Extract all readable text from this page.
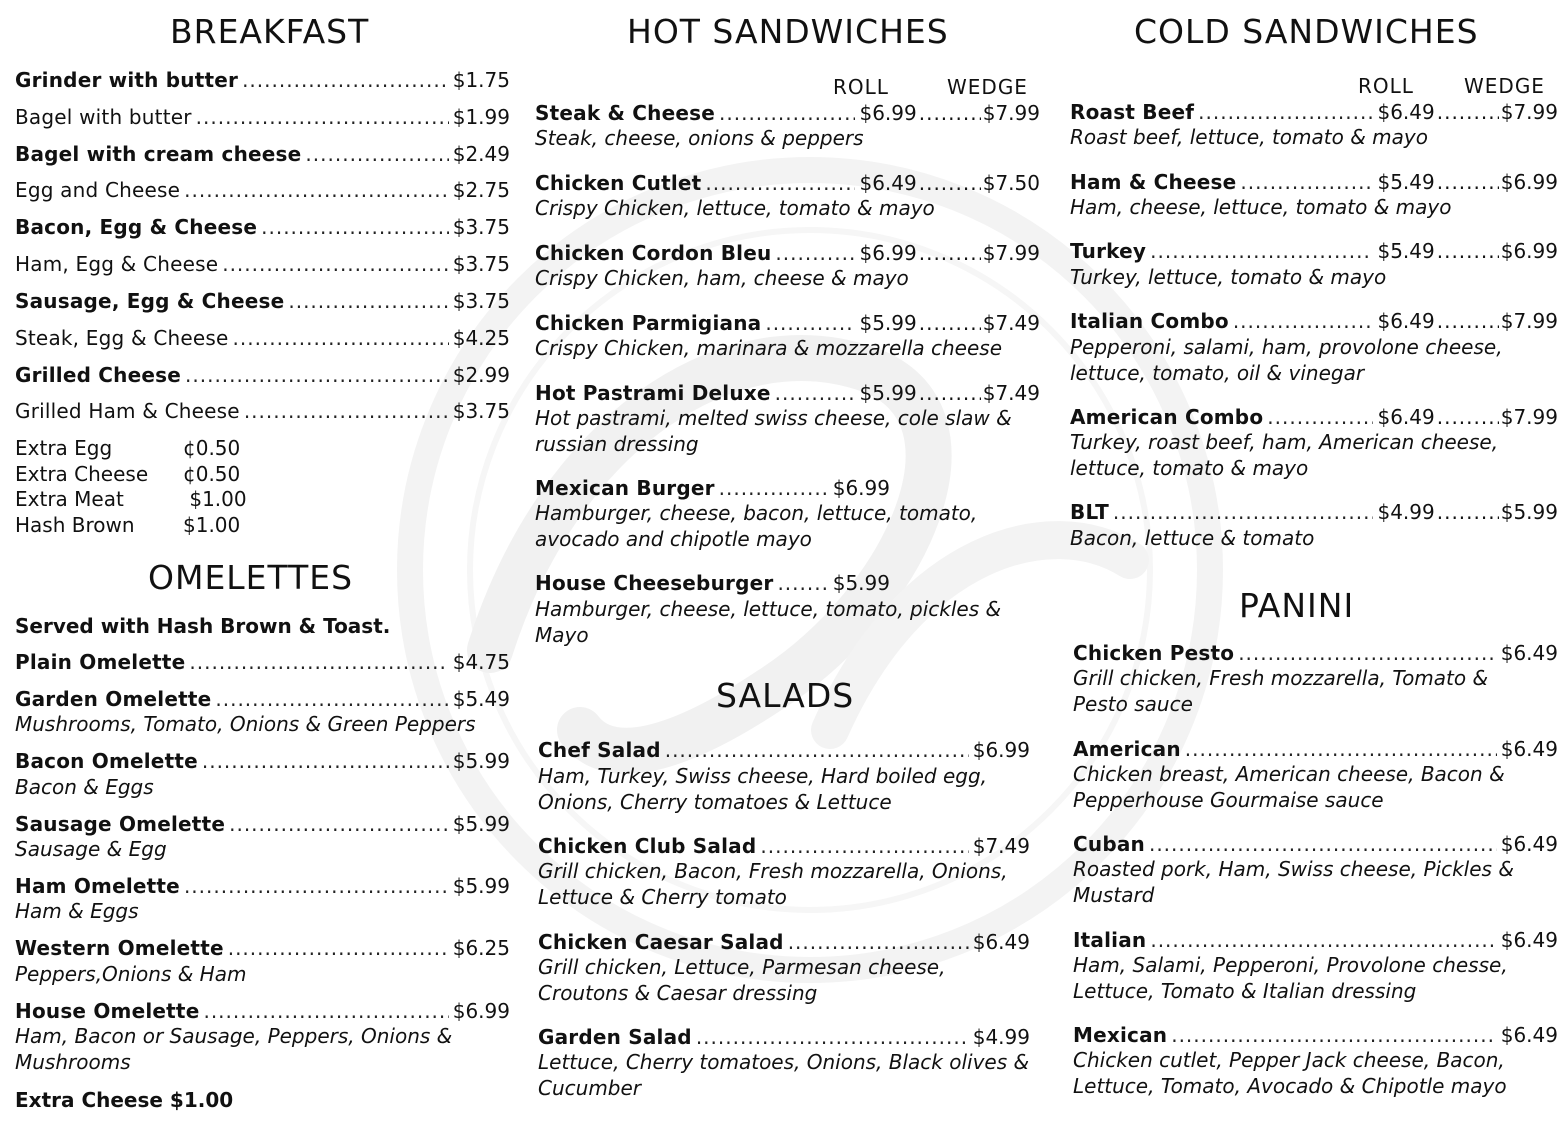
BREAKFAST
Grinder with butter .....	$1.75
Bagel with butter .....	$1.99
Bagel with cream cheese .....	$2.49
Egg and Cheese .....	$2.75
Bacon, Egg & Cheese .....	$3.75
Ham, Egg & Cheese .....	$3.75
Sausage, Egg & Cheese .....	$3.75
Steak, Egg & Cheese .....	$4.25
Grilled Cheese .....	$2.99
Grilled Ham & Cheese .....	$3.75
Extra Egg	¢0.50
Extra Cheese	¢0.50
Extra Meat	$1.00
Hash Brown	$1.00
OMELETTES
Served with Hash Brown & Toast.
Plain Omelette .....	$4.75
Garden Omelette .....	$5.49
Mushrooms, Tomato, Onions & Green Peppers
Bacon Omelette .....	$5.99
Bacon & Eggs
Sausage Omelette .....	$5.99
Sausage & Egg
Ham Omelette .....	$5.99
Ham & Eggs
Western Omelette .....	$6.25
Peppers,Onions & Ham
House Omelette .....	$6.99
Ham, Bacon or Sausage, Peppers, Onions & Mushrooms
Extra Cheese $1.00
HOT SANDWICHES
ROLL	WEDGE
Steak & Cheese .....	$6.99 .....	$7.99
Steak, cheese, onions & peppers
Chicken Cutlet .....	$6.49 .....	$7.50
Crispy Chicken, lettuce, tomato & mayo
Chicken Cordon Bleu .....	$6.99 .....	$7.99
Crispy Chicken, ham, cheese & mayo
Chicken Parmigiana .....	$5.99 .....	$7.49
Crispy Chicken, marinara & mozzarella cheese
Hot Pastrami Deluxe .....	$5.99 .....	$7.49
Hot pastrami, melted swiss cheese, cole slaw & russian dressing
Mexican Burger .....	$6.99
Hamburger, cheese, bacon, lettuce, tomato, avocado and chipotle mayo
House Cheeseburger .....	$5.99
Hamburger, cheese, lettuce, tomato, pickles & Mayo
SALADS
Chef Salad .....	$6.99
Ham, Turkey, Swiss cheese, Hard boiled egg, Onions, Cherry tomatoes & Lettuce
Chicken Club Salad .....	$7.49
Grill chicken, Bacon, Fresh mozzarella, Onions, Lettuce & Cherry tomato
Chicken Caesar Salad .....	$6.49
Grill chicken, Lettuce, Parmesan cheese, Croutons & Caesar dressing
Garden Salad .....	$4.99
Lettuce, Cherry tomatoes, Onions, Black olives & Cucumber
COLD SANDWICHES
ROLL	WEDGE
Roast Beef .....	$6.49 .....	$7.99
Roast beef, lettuce, tomato & mayo
Ham & Cheese .....	$5.49 .....	$6.99
Ham, cheese, lettuce, tomato & mayo
Turkey .....	$5.49 .....	$6.99
Turkey, lettuce, tomato & mayo
Italian Combo .....	$6.49 .....	$7.99
Pepperoni, salami, ham, provolone cheese, lettuce, tomato, oil & vinegar
American Combo .....	$6.49 .....	$7.99
Turkey, roast beef, ham, American cheese, lettuce, tomato & mayo
BLT .....	$4.99 .....	$5.99
Bacon, lettuce & tomato
PANINI
Chicken Pesto .....	$6.49
Grill chicken, Fresh mozzarella, Tomato & Pesto sauce
American .....	$6.49
Chicken breast, American cheese, Bacon & Pepperhouse Gourmaise sauce
Cuban .....	$6.49
Roasted pork, Ham, Swiss cheese, Pickles & Mustard
Italian .....	$6.49
Ham, Salami, Pepperoni, Provolone chesse, Lettuce, Tomato & Italian dressing
Mexican .....	$6.49
Chicken cutlet, Pepper Jack cheese, Bacon, Lettuce, Tomato, Avocado & Chipotle mayo
